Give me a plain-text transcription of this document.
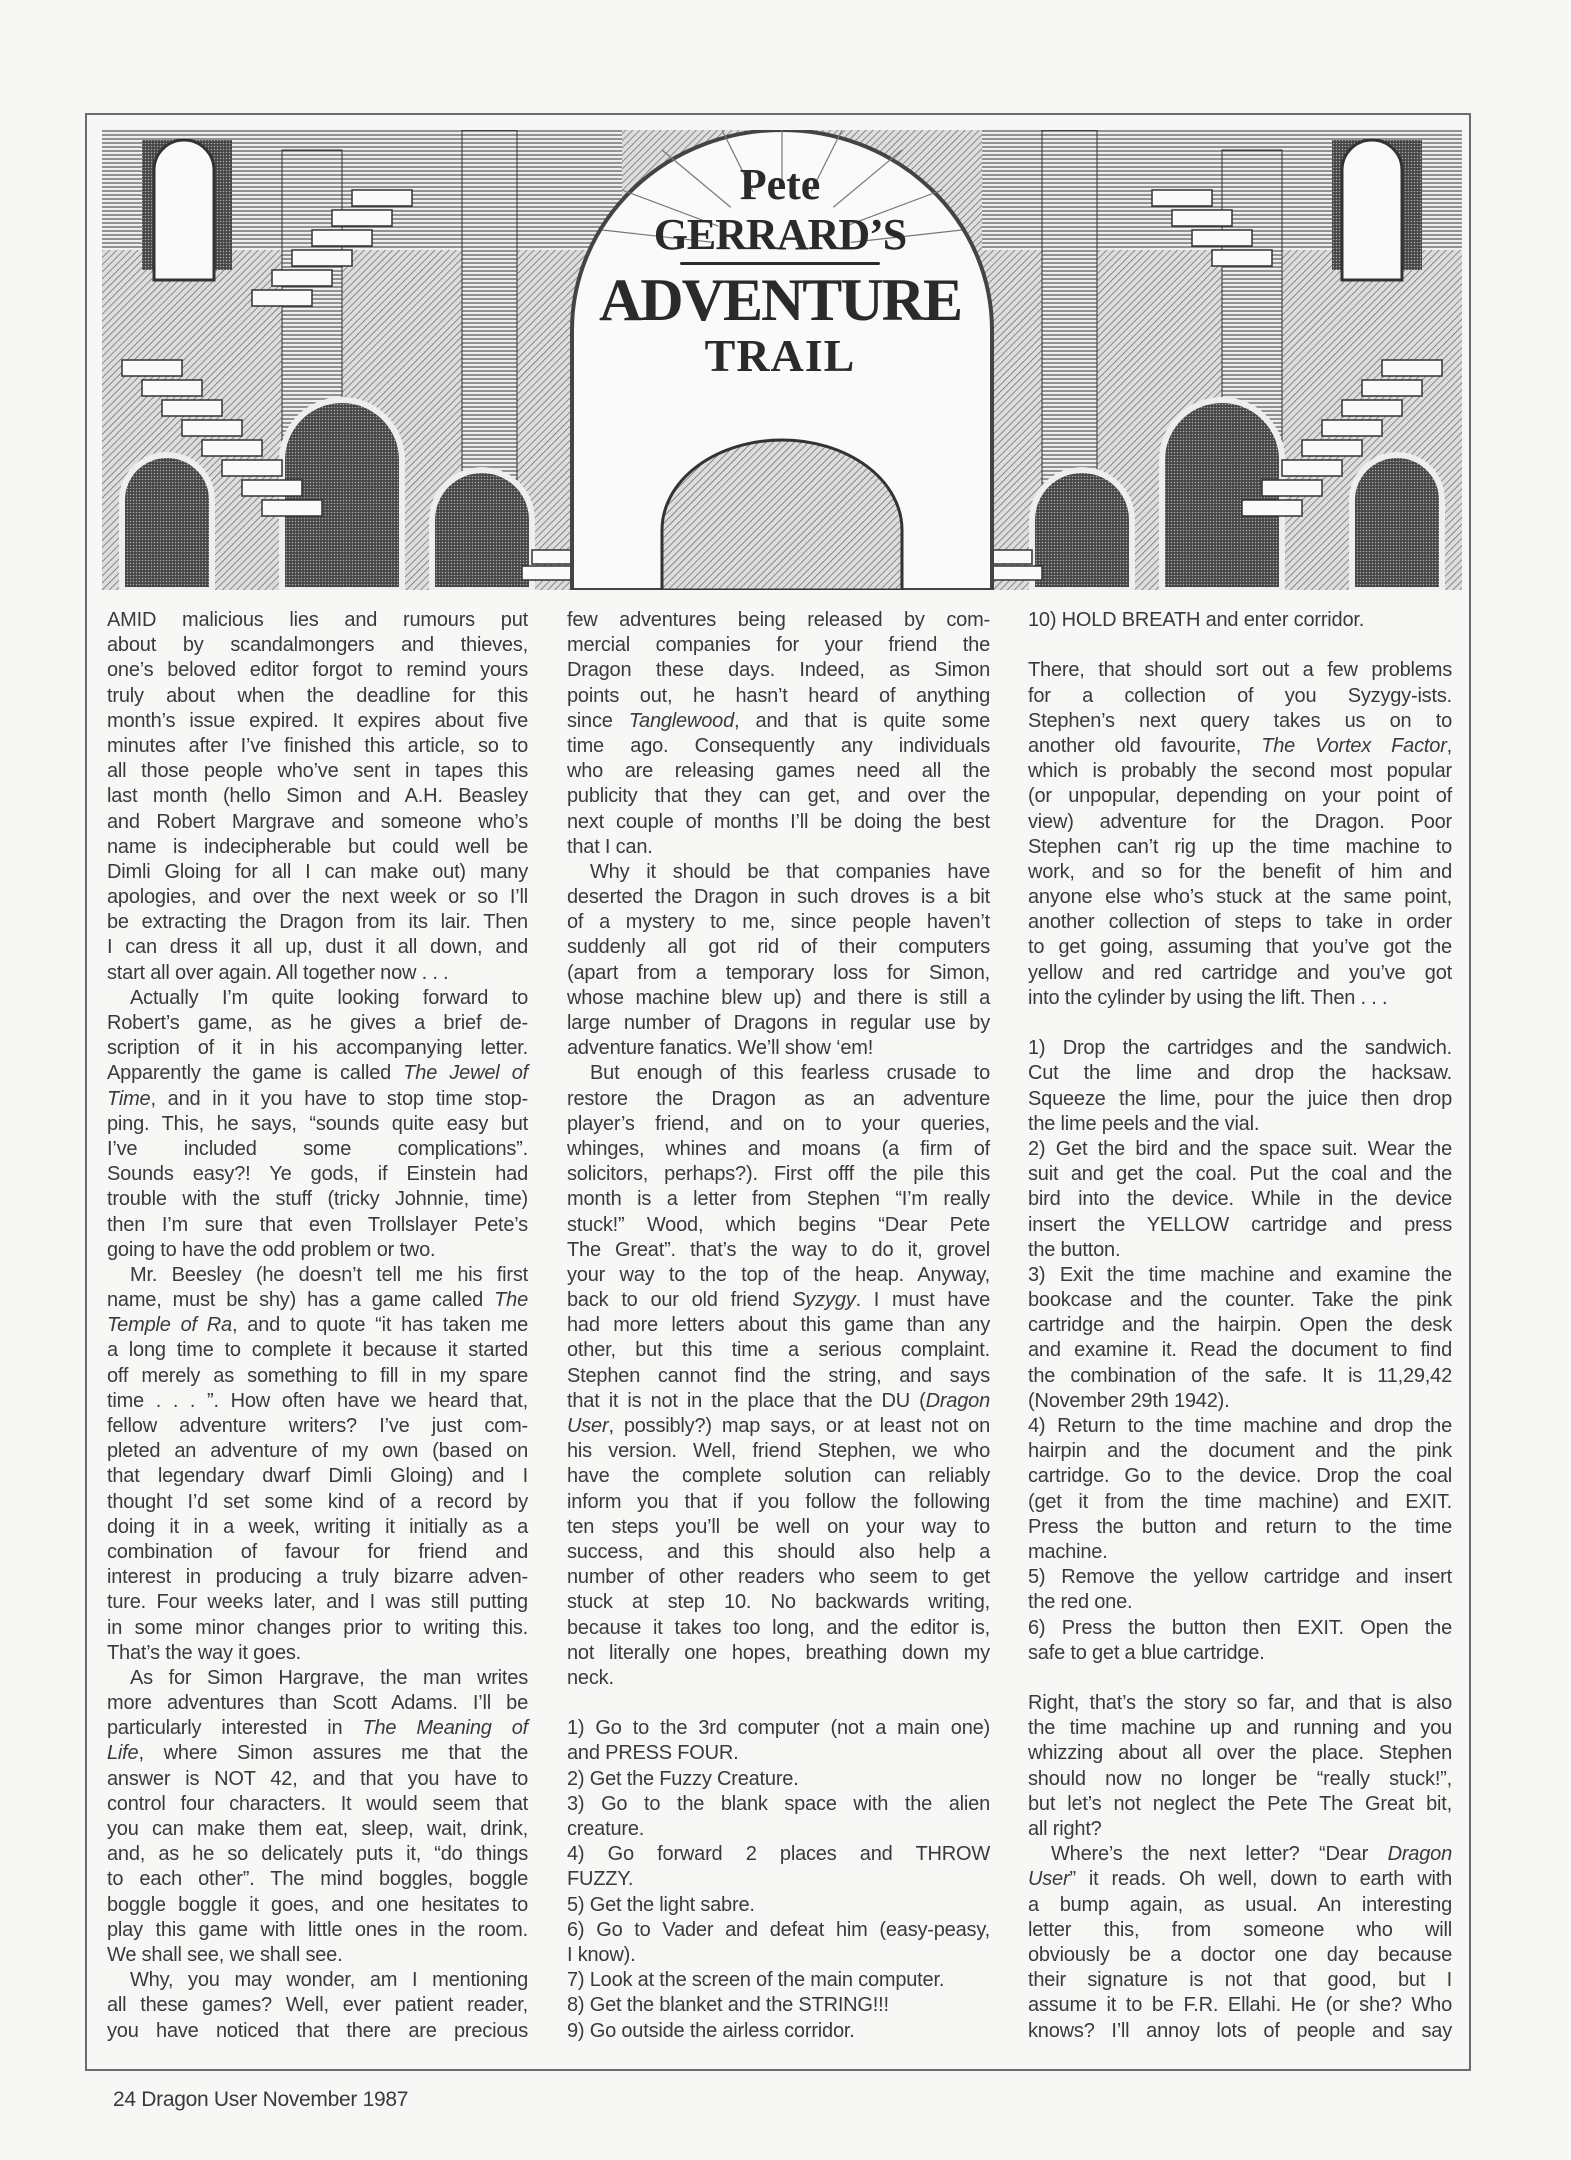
Pete
GERRARD’S
ADVENTURE
TRAIL
AMID malicious lies and rumours put
about by scandalmongers and thieves,
one’s beloved editor forgot to remind yours
truly about when the deadline for this
month’s issue expired. It expires about five
minutes after I’ve finished this article, so to
all those people who’ve sent in tapes this
last month (hello Simon and A.H. Beasley
and Robert Margrave and someone who’s
name is indecipherable but could well be
Dimli Gloing for all I can make out) many
apologies, and over the next week or so I’ll
be extracting the Dragon from its lair. Then
I can dress it all up, dust it all down, and
start all over again. All together now . . .
Actually I’m quite looking forward to
Robert’s game, as he gives a brief de-
scription of it in his accompanying letter.
Apparently the game is called The Jewel of
Time, and in it you have to stop time stop-
ping. This, he says, “sounds quite easy but
I’ve included some complications”.
Sounds easy?! Ye gods, if Einstein had
trouble with the stuff (tricky Johnnie, time)
then I’m sure that even Trollslayer Pete’s
going to have the odd problem or two.
Mr. Beesley (he doesn’t tell me his first
name, must be shy) has a game called The
Temple of Ra, and to quote “it has taken me
a long time to complete it because it started
off merely as something to fill in my spare
time . . . ”. How often have we heard that,
fellow adventure writers? I’ve just com-
pleted an adventure of my own (based on
that legendary dwarf Dimli Gloing) and I
thought I’d set some kind of a record by
doing it in a week, writing it initially as a
combination of favour for friend and
interest in producing a truly bizarre adven-
ture. Four weeks later, and I was still putting
in some minor changes prior to writing this.
That’s the way it goes.
As for Simon Hargrave, the man writes
more adventures than Scott Adams. I’ll be
particularly interested in The Meaning of
Life, where Simon assures me that the
answer is NOT 42, and that you have to
control four characters. It would seem that
you can make them eat, sleep, wait, drink,
and, as he so delicately puts it, “do things
to each other”. The mind boggles, boggle
boggle boggle it goes, and one hesitates to
play this game with little ones in the room.
We shall see, we shall see.
Why, you may wonder, am I mentioning
all these games? Well, ever patient reader,
you have noticed that there are precious
few adventures being released by com-
mercial companies for your friend the
Dragon these days. Indeed, as Simon
points out, he hasn’t heard of anything
since Tanglewood, and that is quite some
time ago. Consequently any individuals
who are releasing games need all the
publicity that they can get, and over the
next couple of months I’ll be doing the best
that I can.
Why it should be that companies have
deserted the Dragon in such droves is a bit
of a mystery to me, since people haven’t
suddenly all got rid of their computers
(apart from a temporary loss for Simon,
whose machine blew up) and there is still a
large number of Dragons in regular use by
adventure fanatics. We’ll show ‘em!
But enough of this fearless crusade to
restore the Dragon as an adventure
player’s friend, and on to your queries,
whinges, whines and moans (a firm of
solicitors, perhaps?). First offf the pile this
month is a letter from Stephen “I’m really
stuck!” Wood, which begins “Dear Pete
The Great”. that’s the way to do it, grovel
your way to the top of the heap. Anyway,
back to our old friend Syzygy. I must have
had more letters about this game than any
other, but this time a serious complaint.
Stephen cannot find the string, and says
that it is not in the place that the DU (Dragon
User, possibly?) map says, or at least not on
his version. Well, friend Stephen, we who
have the complete solution can reliably
inform you that if you follow the following
ten steps you’ll be well on your way to
success, and this should also help a
number of other readers who seem to get
stuck at step 10. No backwards writing,
because it takes too long, and the editor is,
not literally one hopes, breathing down my
neck.
1) Go to the 3rd computer (not a main one)
and PRESS FOUR.
2) Get the Fuzzy Creature.
3) Go to the blank space with the alien
creature.
4) Go forward 2 places and THROW
FUZZY.
5) Get the light sabre.
6) Go to Vader and defeat him (easy-peasy,
I know).
7) Look at the screen of the main computer.
8) Get the blanket and the STRING!!!
9) Go outside the airless corridor.
10) HOLD BREATH and enter corridor.
There, that should sort out a few problems
for a collection of you Syzygy-ists.
Stephen’s next query takes us on to
another old favourite, The Vortex Factor,
which is probably the second most popular
(or unpopular, depending on your point of
view) adventure for the Dragon. Poor
Stephen can’t rig up the time machine to
work, and so for the benefit of him and
anyone else who’s stuck at the same point,
another collection of steps to take in order
to get going, assuming that you’ve got the
yellow and red cartridge and you’ve got
into the cylinder by using the lift. Then . . .
1) Drop the cartridges and the sandwich.
Cut the lime and drop the hacksaw.
Squeeze the lime, pour the juice then drop
the lime peels and the vial.
2) Get the bird and the space suit. Wear the
suit and get the coal. Put the coal and the
bird into the device. While in the device
insert the YELLOW cartridge and press
the button.
3) Exit the time machine and examine the
bookcase and the counter. Take the pink
cartridge and the hairpin. Open the desk
and examine it. Read the document to find
the combination of the safe. It is 11,29,42
(November 29th 1942).
4) Return to the time machine and drop the
hairpin and the document and the pink
cartridge. Go to the device. Drop the coal
(get it from the time machine) and EXIT.
Press the button and return to the time
machine.
5) Remove the yellow cartridge and insert
the red one.
6) Press the button then EXIT. Open the
safe to get a blue cartridge.
Right, that’s the story so far, and that is also
the time machine up and running and you
whizzing about all over the place. Stephen
should now no longer be “really stuck!”,
but let’s not neglect the Pete The Great bit,
all right?
Where’s the next letter? “Dear Dragon
User” it reads. Oh well, down to earth with
a bump again, as usual. An interesting
letter this, from someone who will
obviously be a doctor one day because
their signature is not that good, but I
assume it to be F.R. Ellahi. He (or she? Who
knows? I’ll annoy lots of people and say
24 Dragon User November 1987
